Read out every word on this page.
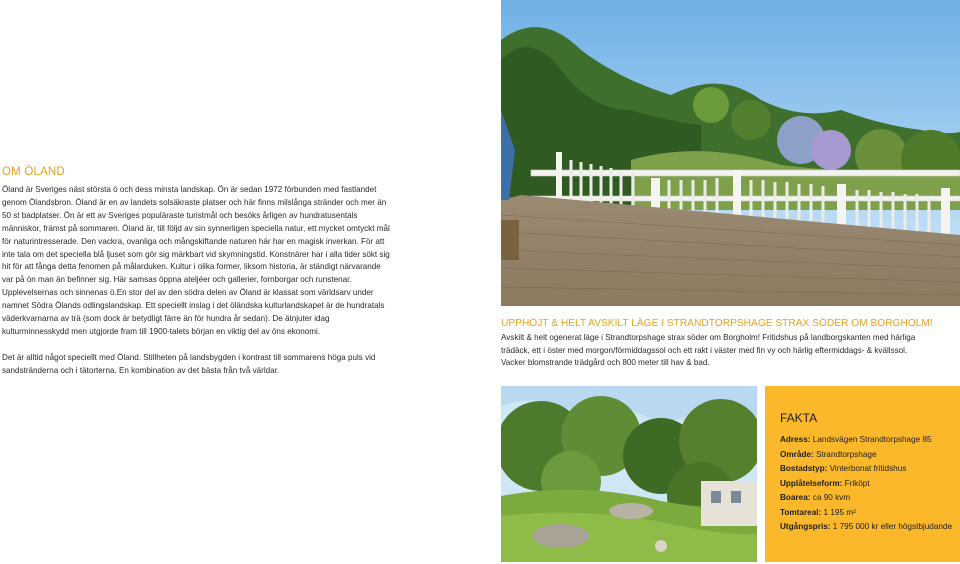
OM ÖLAND

Öland är Sveriges näst största ö och dess minsta landskap. Ön är sedan 1972 förbunden med fastlandet genom Ölandsbron. Öland är en av landets solsäkraste platser och här finns milslånga stränder och mer än 50 st badplatser. Ön är ett av Sveriges populäraste turistmål och besöks årligen av hundratusentals människor, främst på sommaren. Öland är, till följd av sin synnerligen speciella natur, ett mycket omtyckt mål för naturintresserade. Den vackra, ovanliga och mångskiftande naturen här har en magisk inverkan. För att inte tala om det speciella blå ljuset som gör sig märkbart vid skymningstid. Konstnärer har i alla tider sökt sig hit för att fånga detta fenomen på målarduken. Kultur i olika former, liksom historia, är ständigt närvarande var på ön man än befinner sig. Här samsas öppna ateljéer och gallerier, fornborgar och runstenar. Upplevelsernas och sinnenas ö.En stor del av den södra delen av Öland är klassat som världsarv under namnet Södra Ölands odlingslandskap. Ett speciellt inslag i det öländska kulturlandskapet är de hundratals väderkvarnarna av trä (som dock är betydligt färre än för hundra år sedan). De ätnjuter idag kulturminnesskydd men utgjorde fram till 1900-talets början en viktig del av öns ekonomi.

Det är alltid något speciellt med Öland. Stillheten på landsbygden i kontrast till sommarens höga puls vid sandstränderna och i tätorterna. En kombination av det bästa från två världar.

UPPHÖJT & HELT AVSKILT LÄGE I STRANDTORPSHAGE STRAX SÖDER OM BORGHOLM!

Avskilt & helt ogenerat läge i Strandtorpshage strax söder om Borgholm! Fritidshus på landborgskanten med härliga trädäck, ett i öster med morgon/förmiddagssol och ett rakt i väster med fin vy och härlig eftermiddags- & kvällssol. Vacker blomstrande trädgård och 800 meter till hav & bad.

FAKTA
Adress: Landsvägen Strandtorpshage 85
Område: Strandtorpshage
Bostadstyp: Vinterbonat fritidshus
Upplåtelseform: Friköpt
Boarea: ca 90 kvm
Tomtareal: 1 195 m²
Utgångspris: 1 795 000 kr eller högstbjudande
